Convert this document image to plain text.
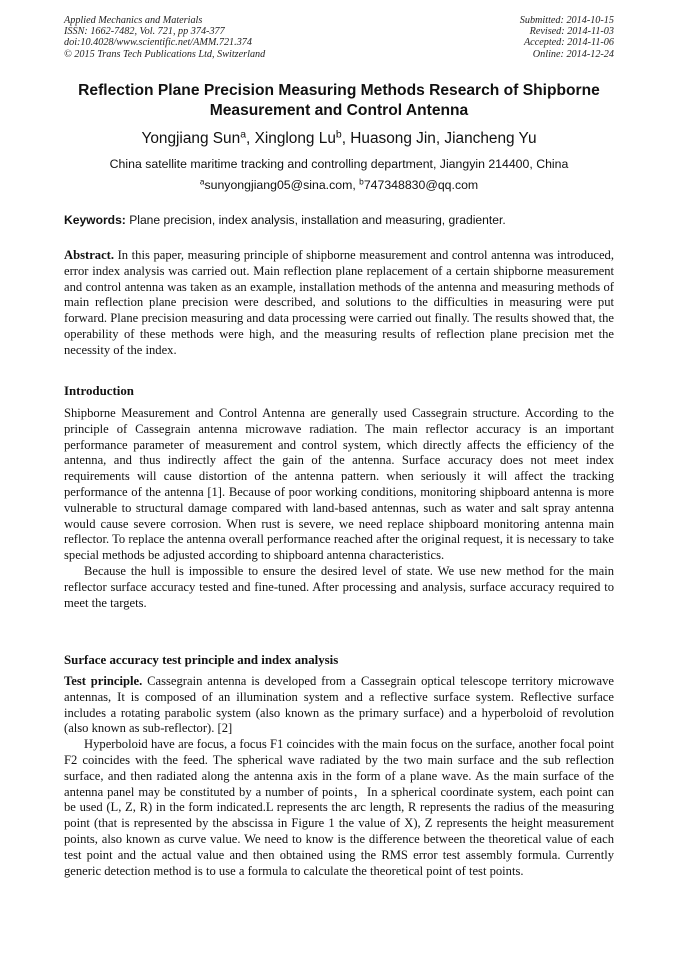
Applied Mechanics and Materials
ISSN: 1662-7482, Vol. 721, pp 374-377
doi:10.4028/www.scientific.net/AMM.721.374
© 2015 Trans Tech Publications Ltd, Switzerland
Submitted: 2014-10-15
Revised: 2014-11-03
Accepted: 2014-11-06
Online: 2014-12-24
Reflection Plane Precision Measuring Methods Research of Shipborne Measurement and Control Antenna
Yongjiang Sun$^a$, Xinglong Lu$^b$, Huasong Jin, Jiancheng Yu
China satellite maritime tracking and controlling department, Jiangyin 214400, China
$^a$sunyongjiang05@sina.com, $^b$747348830@qq.com
Keywords: Plane precision, index analysis, installation and measuring, gradienter.

Abstract. In this paper, measuring principle of shipborne measurement and control antenna was introduced, error index analysis was carried out. Main reflection plane replacement of a certain shipborne measurement and control antenna was taken as an example, installation methods of the antenna and measuring methods of main reflection plane precision were described, and solutions to the difficulties in measuring were put forward. Plane precision measuring and data processing were carried out finally. The results showed that, the operability of these methods were high, and the measuring results of reflection plane precision met the necessity of the index.

Introduction

Shipborne Measurement and Control Antenna are generally used Cassegrain structure. According to the principle of Cassegrain antenna microwave radiation. The main reflector accuracy is an important performance parameter of measurement and control system, which directly affects the efficiency of the antenna, and thus indirectly affect the gain of the antenna. Surface accuracy does not meet index requirements will cause distortion of the antenna pattern. when seriously it will affect the tracking performance of the antenna [1]. Because of poor working conditions, monitoring shipboard antenna is more vulnerable to structural damage compared with land-based antennas, such as water and salt spray antenna would cause severe corrosion. When rust is severe, we need replace shipboard monitoring antenna main reflector. To replace the antenna overall performance reached after the original request, it is necessary to take special methods be adjusted according to shipboard antenna characteristics.

Because the hull is impossible to ensure the desired level of state. We use new method for the main reflector surface accuracy tested and fine-tuned. After processing and analysis, surface accuracy required to meet the targets.

Surface accuracy test principle and index analysis

Test principle. Cassegrain antenna is developed from a Cassegrain optical telescope territory microwave antennas, It is composed of an illumination system and a reflective surface system. Reflective surface includes a rotating parabolic system (also known as the primary surface) and a hyperboloid of revolution (also known as sub-reflector). [2]

Hyperboloid have are focus, a focus F1 coincides with the main focus on the surface, another focal point F2 coincides with the feed. The spherical wave radiated by the two main surface and the sub reflection surface, and then radiated along the antenna axis in the form of a plane wave. As the main surface of the antenna panel may be constituted by a number of points，In a spherical coordinate system, each point can be used (L, Z, R) in the form indicated.L represents the arc length, R represents the radius of the measuring point (that is represented by the abscissa in Figure 1 the value of X), Z represents the height measurement points, also known as curve value. We need to know is the difference between the theoretical value of each test point and the actual value and then obtained using the RMS error test assembly formula. Currently generic detection method is to use a formula to calculate the theoretical point of test points.
